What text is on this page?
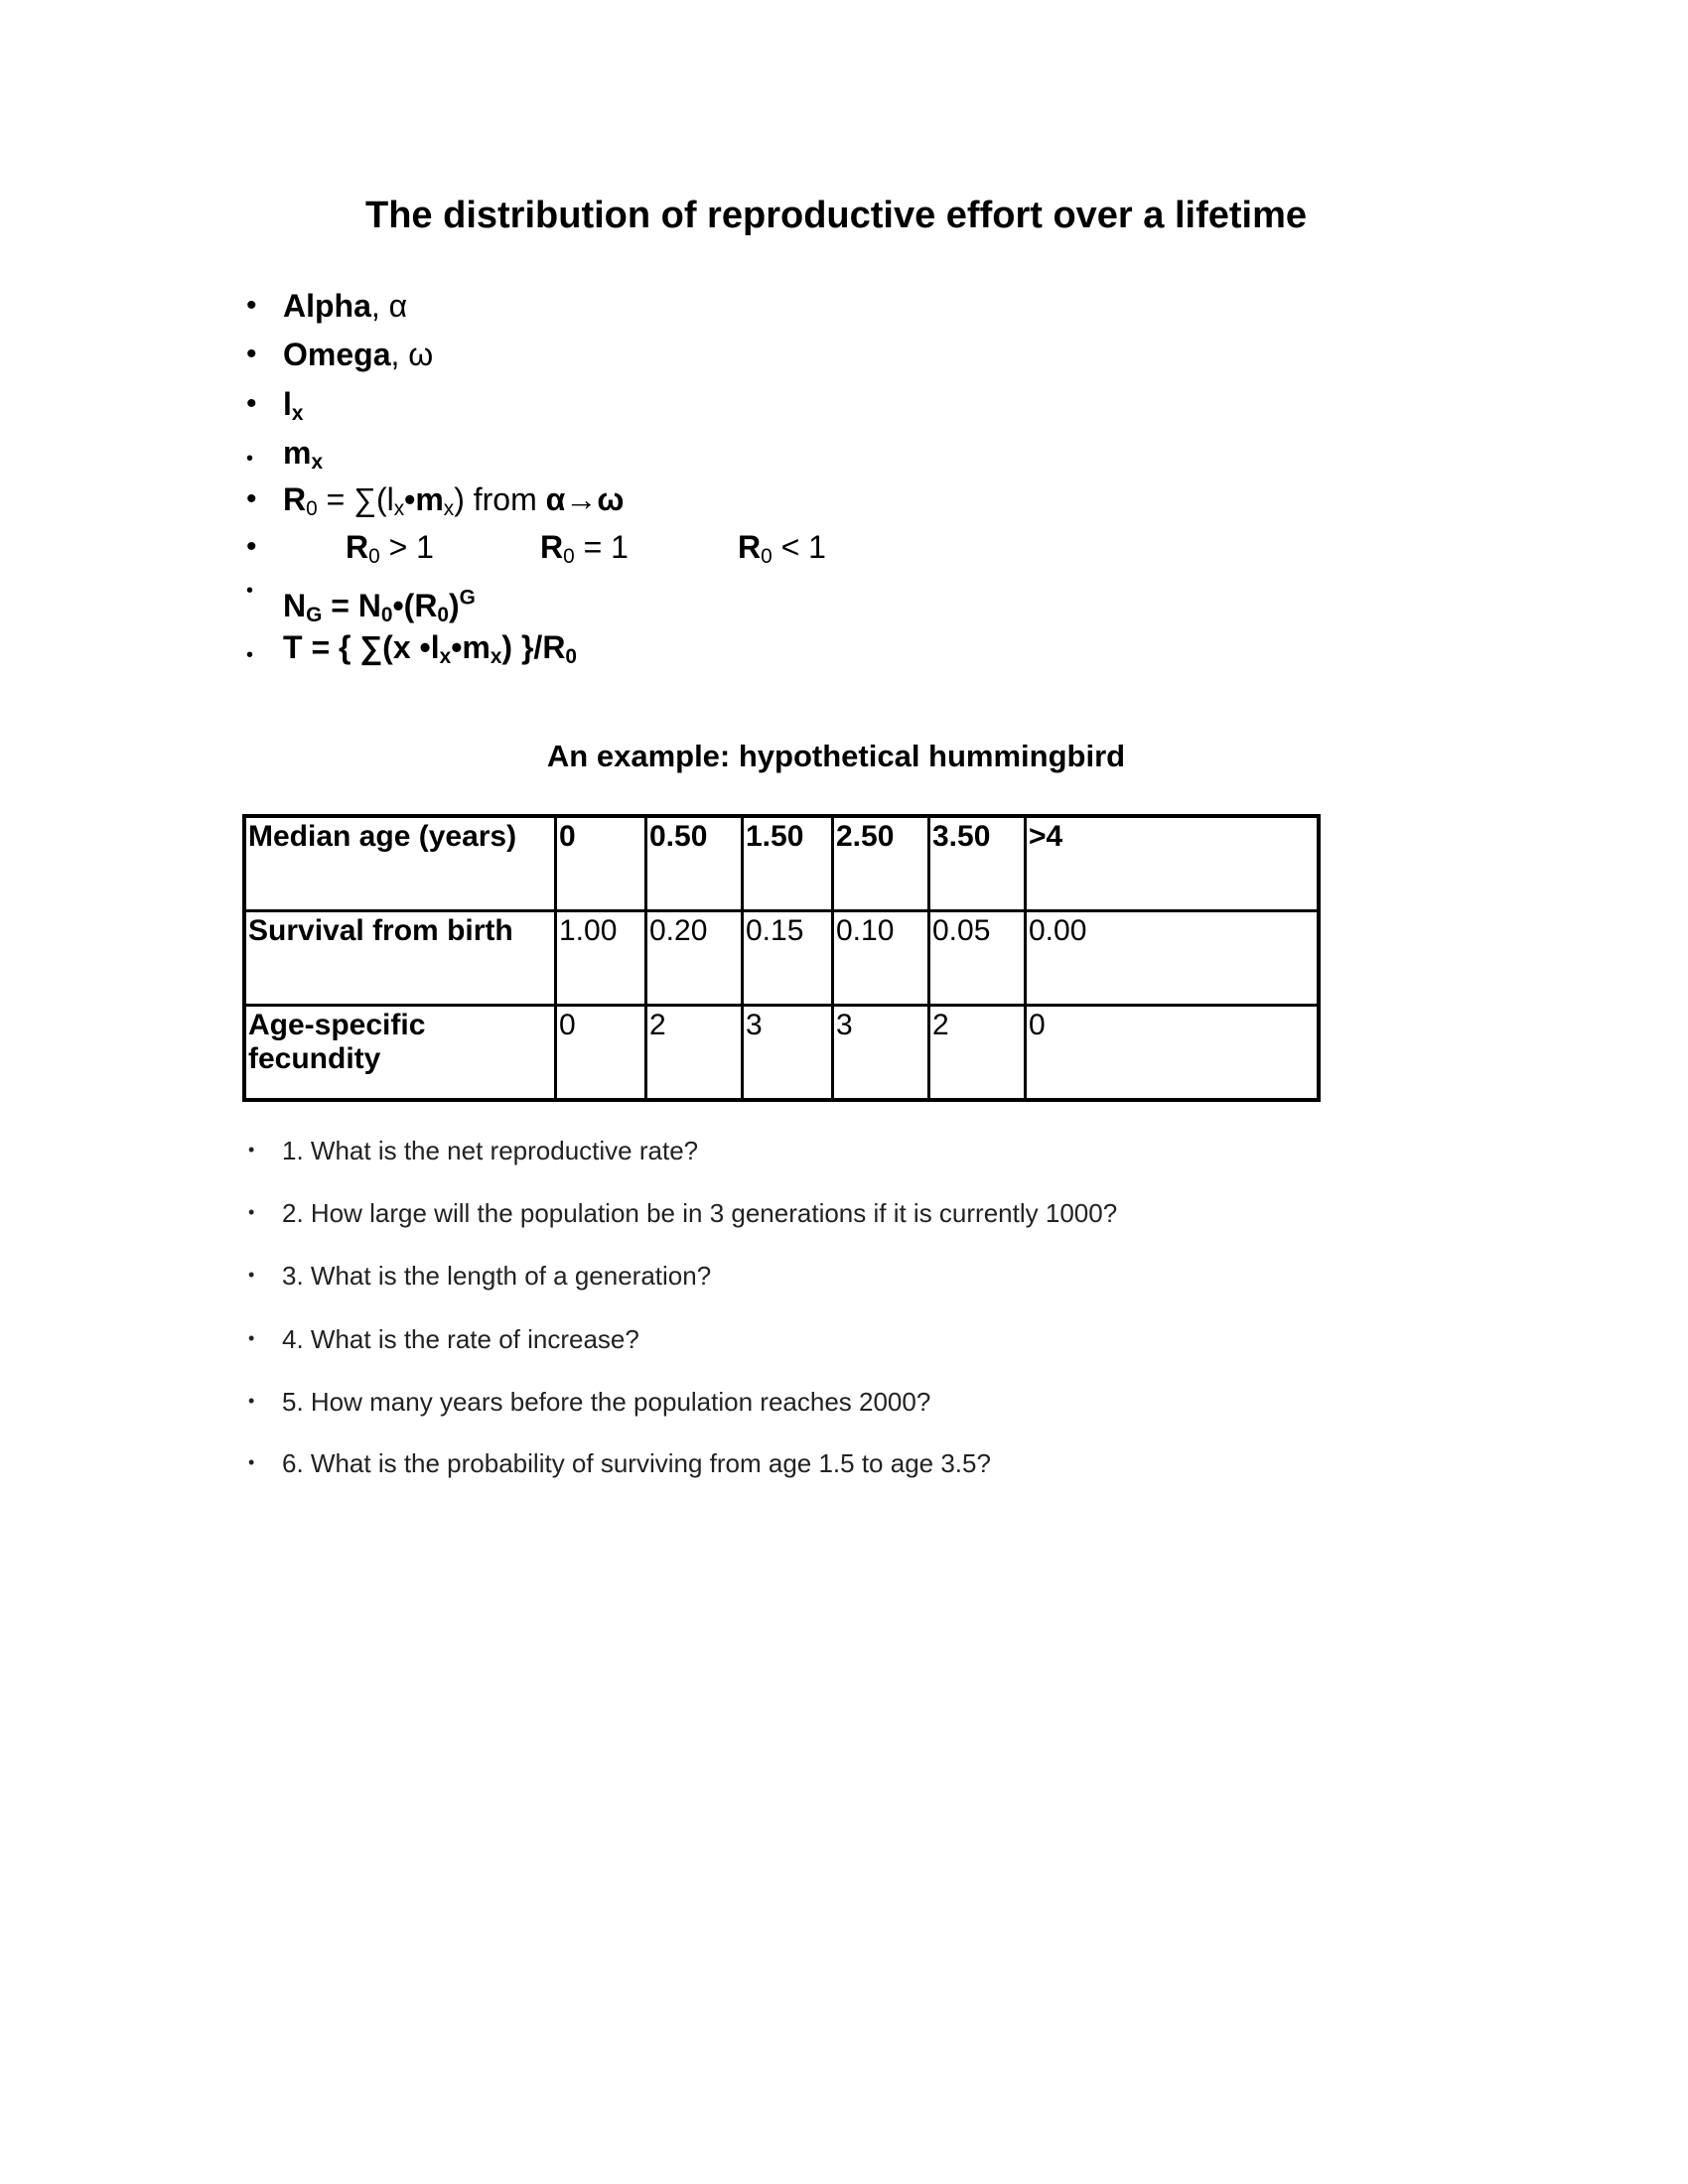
The distribution of reproductive effort over a lifetime
• Alpha, α
• Omega, ω
• $l_x$
• $m_x$
• $R_0$ = $\sum(l_x•m_x)$ from α→ω
•	$R_0 > 1$	$R_0 = 1$	$R_0 < 1$
• $N_G$ = $N_0•(R_0)^G$
• T = { ∑(x $•l_x•m_x$) }$/R_0$
An example: hypothetical hummingbird
Median age (years)	0	0.50	1.50	2.50	3.50	>4
Survival from birth	1.00	0.20	0.15	0.10	0.05	0.00
Age-specific fecundity	0	2	3	3	2	0
• 1. What is the net reproductive rate?
• 2. How large will the population be in 3 generations if it is currently 1000?
• 3. What is the length of a generation?
• 4. What is the rate of increase?
• 5. How many years before the population reaches 2000?
• 6. What is the probability of surviving from age 1.5 to age 3.5?
